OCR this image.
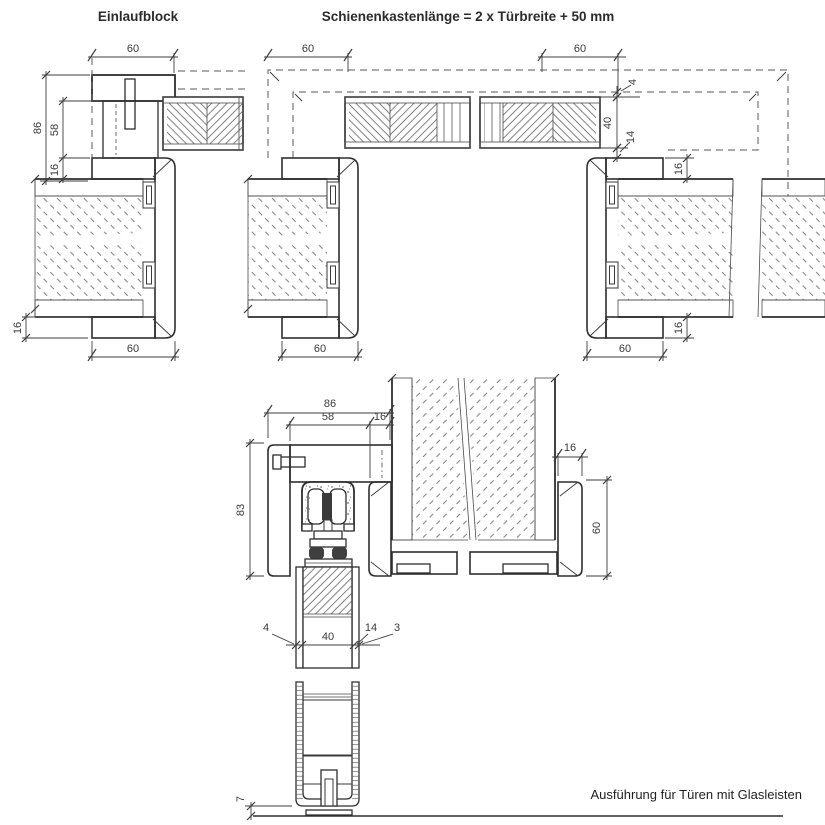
Einlaufblock	Schienenkastenlänge = 2 x Türbreite + 50 mm
Ausführung für Türen mit Glasleisten
60
86 58
16
16
60
60	60
4
40
14
16
16
60	60
86
58	16
83
16
60
4
40
14 3
7
